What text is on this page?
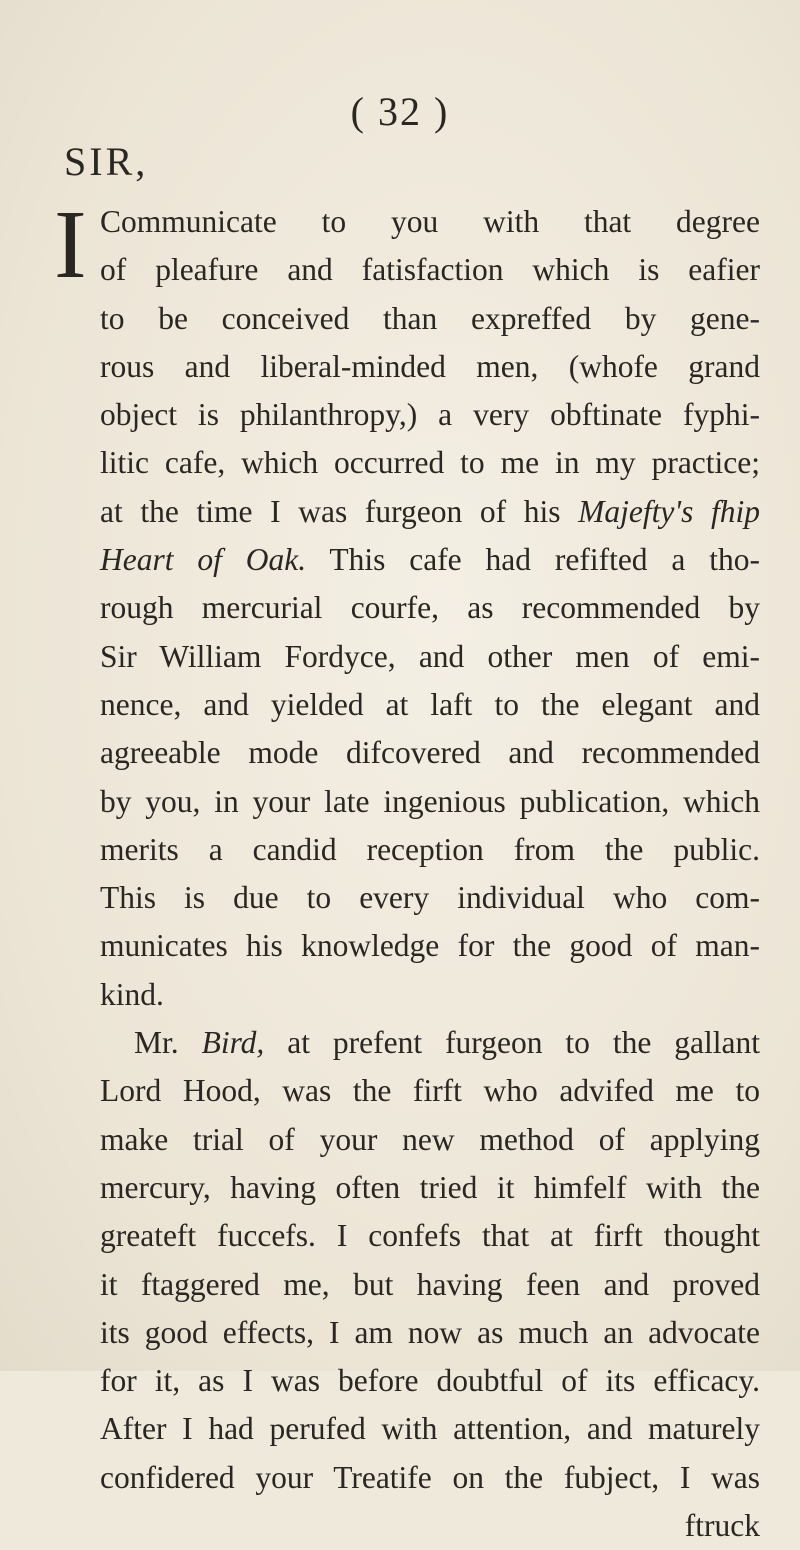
( 32 )
SIR,
I Communicate to you with that degree
of pleafure and fatisfaction which is eafier
to be conceived than expreffed by gene-
rous and liberal-minded men, (whofe grand
object is philanthropy,) a very obftinate fyphi-
litic cafe, which occurred to me in my practice;
at the time I was furgeon of his Majefty's fhip
Heart of Oak. This cafe had refifted a tho-
rough mercurial courfe, as recommended by
Sir William Fordyce, and other men of emi-
nence, and yielded at laft to the elegant and
agreeable mode difcovered and recommended
by you, in your late ingenious publication, which
merits a candid reception from the public.
This is due to every individual who com-
municates his knowledge for the good of man-
kind.
Mr. Bird, at prefent furgeon to the gallant
Lord Hood, was the firft who advifed me to
make trial of your new method of applying
mercury, having often tried it himfelf with the
greateft fuccefs. I confefs that at firft thought
it ftaggered me, but having feen and proved
its good effects, I am now as much an advocate
for it, as I was before doubtful of its efficacy.
After I had perufed with attention, and maturely
confidered your Treatife on the fubject, I was
ftruck
